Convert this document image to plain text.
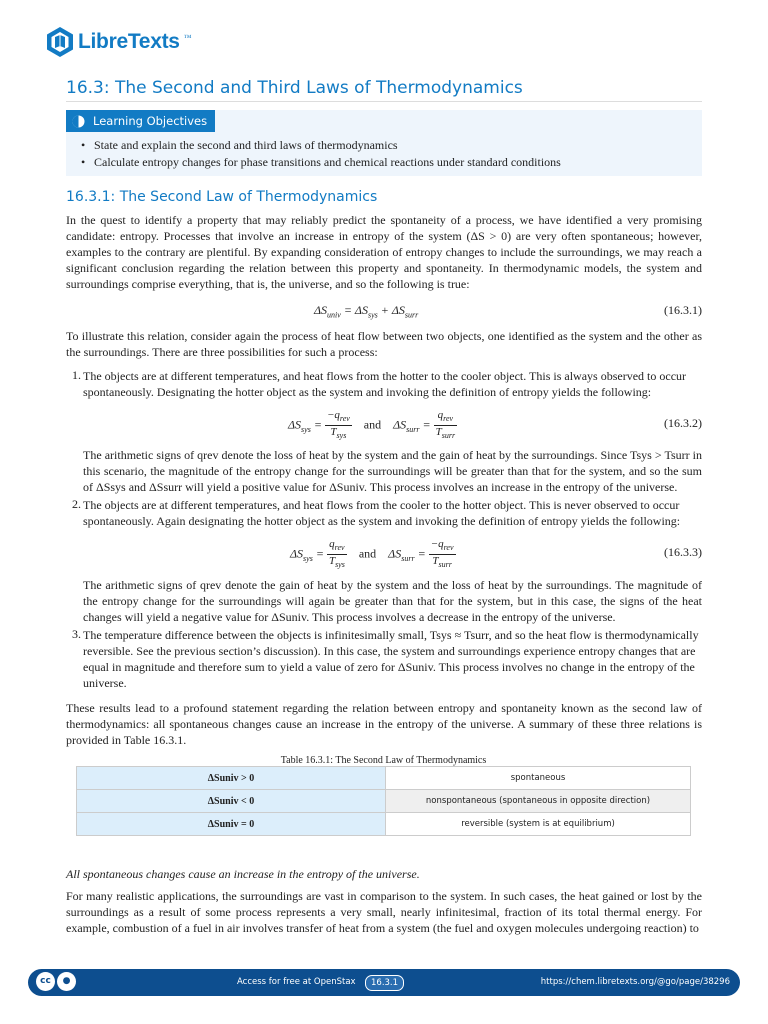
LibreTexts ™
16.3: The Second and Third Laws of Thermodynamics
Learning Objectives
• State and explain the second and third laws of thermodynamics
• Calculate entropy changes for phase transitions and chemical reactions under standard conditions
16.3.1: The Second Law of Thermodynamics

In the quest to identify a property that may reliably predict the spontaneity of a process, we have identified a very promising candidate: entropy. Processes that involve an increase in entropy of the system (ΔS > 0) are very often spontaneous; however, examples to the contrary are plentiful. By expanding consideration of entropy changes to include the surroundings, we may reach a significant conclusion regarding the relation between this property and spontaneity. In thermodynamic models, the system and surroundings comprise everything, that is, the universe, and so the following is true:

$\Delta S_{univ} = \Delta S_{sys} + \Delta S_{surr}$	(16.3.1)

To illustrate this relation, consider again the process of heat flow between two objects, one identified as the system and the other as the surroundings. There are three possibilities for such a process:

1. The objects are at different temperatures, and heat flows from the hotter to the cooler object. This is always observed to occur spontaneously. Designating the hotter object as the system and invoking the definition of entropy yields the following:

$\Delta S_{sys} = \frac{-q_{rev}}{T_{sys}}$ and    $\Delta S_{surr} = \frac{q_{rev}}{T_{surr}}$	(16.3.2)

The arithmetic signs of qrev denote the loss of heat by the system and the gain of heat by the surroundings. Since Tsys > Tsurr in this scenario, the magnitude of the entropy change for the surroundings will be greater than that for the system, and so the sum of ΔSsys and ΔSsurr will yield a positive value for ΔSuniv. This process involves an increase in the entropy of the universe.

2. The objects are at different temperatures, and heat flows from the cooler to the hotter object. This is never observed to occur spontaneously. Again designating the hotter object as the system and invoking the definition of entropy yields the following:

$\Delta S_{sys} = \frac{q_{rev}}{T_{sys}}$ and    $\Delta S_{surr} = \frac{-q_{rev}}{T_{surr}}$	(16.3.3)

The arithmetic signs of qrev denote the gain of heat by the system and the loss of heat by the surroundings. The magnitude of the entropy change for the surroundings will again be greater than that for the system, but in this case, the signs of the heat changes will yield a negative value for ΔSuniv. This process involves a decrease in the entropy of the universe.

3. The temperature difference between the objects is infinitesimally small, Tsys ≈ Tsurr, and so the heat flow is thermodynamically reversible. See the previous section’s discussion). In this case, the system and surroundings experience entropy changes that are equal in magnitude and therefore sum to yield a value of zero for ΔSuniv. This process involves no change in the entropy of the universe.

These results lead to a profound statement regarding the relation between entropy and spontaneity known as the second law of thermodynamics: all spontaneous changes cause an increase in the entropy of the universe. A summary of these three relations is provided in Table 16.3.1.

Table 16.3.1: The Second Law of Thermodynamics
ΔSuniv > 0	spontaneous
ΔSuniv < 0	nonspontaneous (spontaneous in opposite direction)
ΔSuniv = 0	reversible (system is at equilibrium)

All spontaneous changes cause an increase in the entropy of the universe.

For many realistic applications, the surroundings are vast in comparison to the system. In such cases, the heat gained or lost by the surroundings as a result of some process represents a very small, nearly infinitesimal, fraction of its total thermal energy. For example, combustion of a fuel in air involves transfer of heat from a system (the fuel and oxygen molecules undergoing reaction) to

cc	●	Access for free at OpenStax	16.3.1	https://chem.libretexts.org/@go/page/38296
